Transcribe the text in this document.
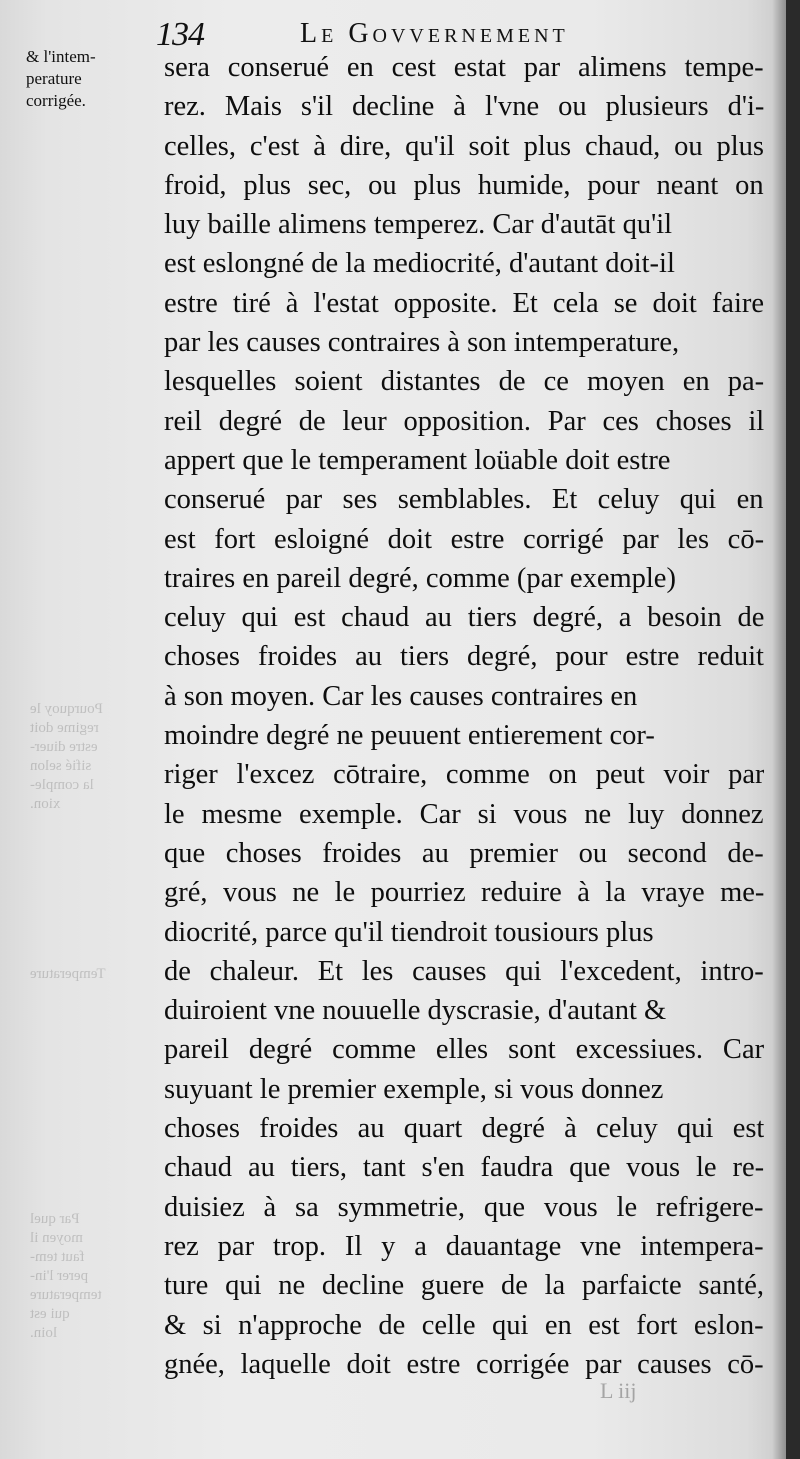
Pourquoy le
regime doit
estre diuer-
sifié selon
la comple-
xion.
Par quel
moyen il
faut tem-
perer l'in-
temperature
qui est
loin.
Temperature
134	Le Govvernement
& l'intem-
perature
corrigée.
sera conserué en cest estat par alimens tempe-
rez. Mais s'il decline à l'vne ou plusieurs d'i-
celles, c'est à dire, qu'il soit plus chaud, ou plus
froid, plus sec, ou plus humide, pour neant on
luy baille alimens temperez. Car d'autāt qu'il
est eslongné de la mediocrité, d'autant doit-il
estre tiré à l'estat opposite. Et cela se doit faire
par les causes contraires à son intemperature,
lesquelles soient distantes de ce moyen en pa-
reil degré de leur opposition. Par ces choses il
appert que le temperament loüable doit estre
conserué par ses semblables. Et celuy qui en
est fort esloigné doit estre corrigé par les cō-
traires en pareil degré, comme (par exemple)
celuy qui est chaud au tiers degré, a besoin de
choses froides au tiers degré, pour estre reduit
à son moyen. Car les causes contraires en
moindre degré ne peuuent entierement cor-
riger l'excez cōtraire, comme on peut voir par
le mesme exemple. Car si vous ne luy donnez
que choses froides au premier ou second de-
gré, vous ne le pourriez reduire à la vraye me-
diocrité, parce qu'il tiendroit tousiours plus
de chaleur. Et les causes qui l'excedent, intro-
duiroient vne nouuelle dyscrasie, d'autant &
pareil degré comme elles sont excessiues. Car
suyuant le premier exemple, si vous donnez
choses froides au quart degré à celuy qui est
chaud au tiers, tant s'en faudra que vous le re-
duisiez à sa symmetrie, que vous le refrigere-
rez par trop. Il y a dauantage vne intempera-
ture qui ne decline guere de la parfaicte santé,
& si n'approche de celle qui en est fort eslon-
gnée, laquelle doit estre corrigée par causes cō-
L iij
